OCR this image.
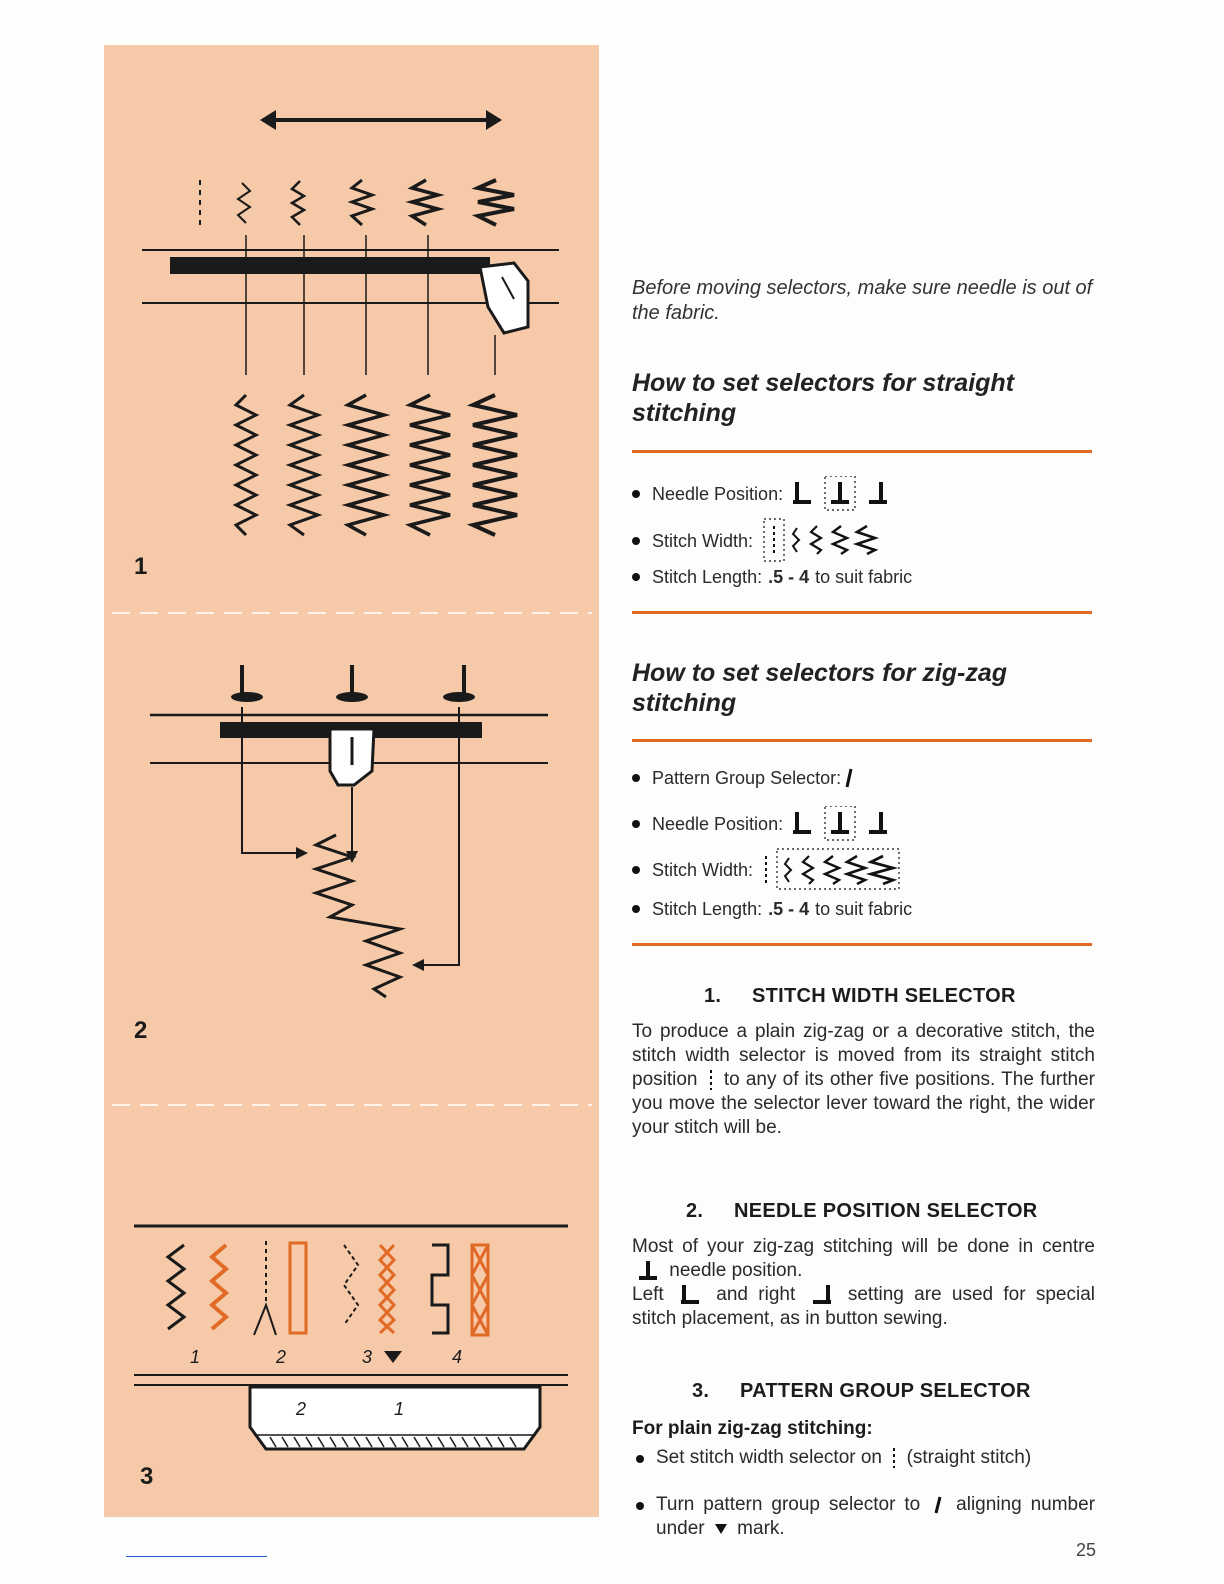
1	2	3	4
2	1
1
2
3
Before moving selectors, make sure needle is out of the fabric.
How to set selectors for straight
stitching
Needle Position:
Stitch Width:
Stitch Length: .5 - 4 to suit fabric
How to set selectors for zig-zag
stitching
Pattern Group Selector:
Needle Position:
Stitch Width:
Stitch Length: .5 - 4 to suit fabric
1. STITCH WIDTH SELECTOR
To produce a plain zig-zag or a decorative stitch, the stitch width selector is moved from its straight stitch position to any of its other five positions. The further you move the selector lever toward the right, the wider your stitch will be.
2. NEEDLE POSITION SELECTOR
Most of your zig-zag stitching will be done in centre  needle position.
Left	and right	setting are used for special stitch placement, as in button sewing.
3. PATTERN GROUP SELECTOR
For plain zig-zag stitching:
Set stitch width selector on (straight stitch)
Turn pattern group selector to aligning number under mark.
25
